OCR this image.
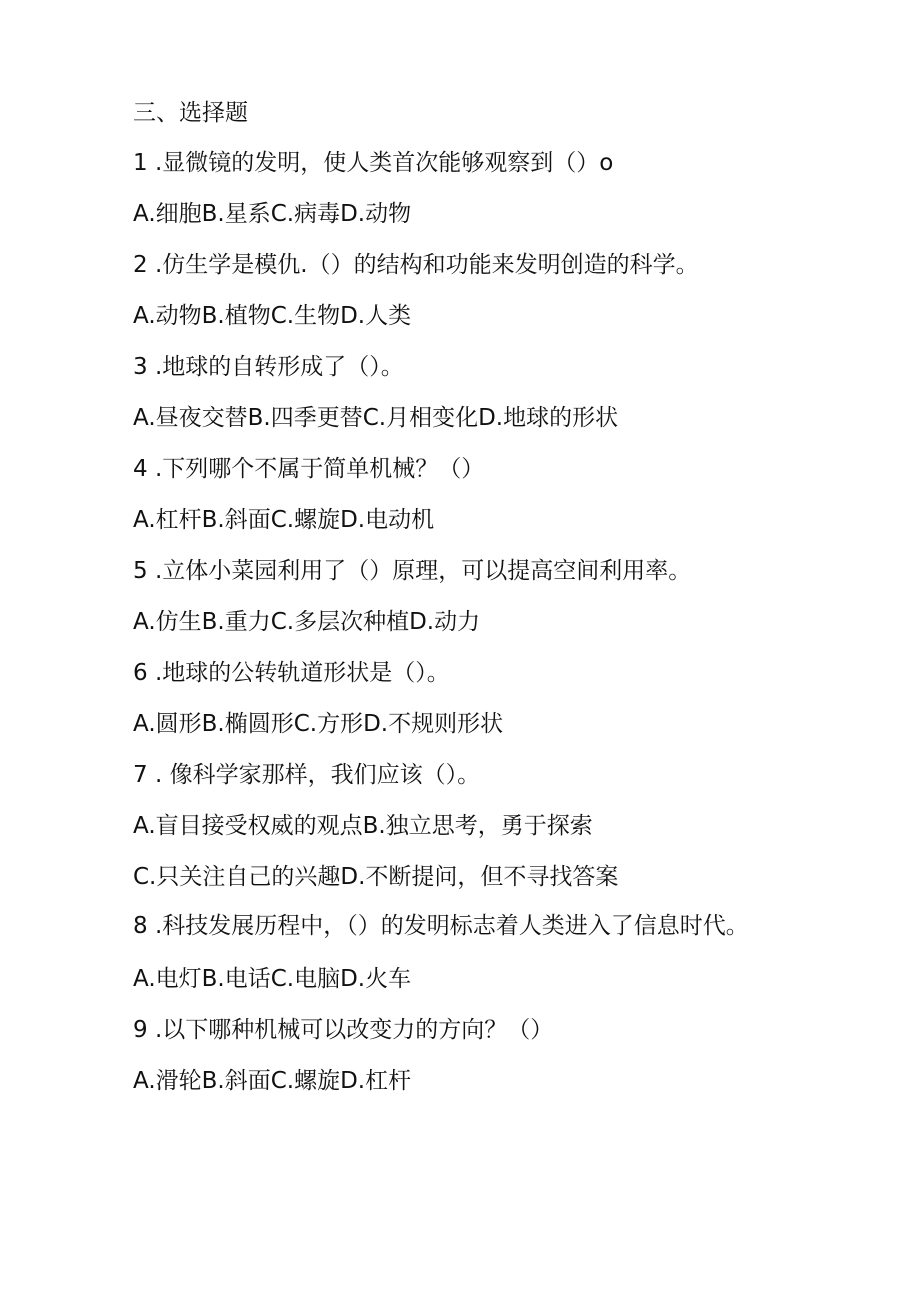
三、选择题

1 .显微镜的发明，使人类首次能够观察到（）o

A.细胞B.星系C.病毒D.动物

2 .仿生学是模仇.（）的结构和功能来发明创造的科学。

A.动物B.植物C.生物D.人类

3 .地球的自转形成了（）。

A.昼夜交替B.四季更替C.月相变化D.地球的形状

4 .下列哪个不属于简单机械？（）

A.杠杆B.斜面C.螺旋D.电动机

5 .立体小菜园利用了（）原理，可以提高空间利用率。

A.仿生B.重力C.多层次种植D.动力

6 .地球的公转轨道形状是（）。

A.圆形B.椭圆形C.方形D.不规则形状

7 . 像科学家那样，我们应该（）。

A.盲目接受权威的观点B.独立思考，勇于探索

C.只关注自己的兴趣D.不断提问，但不寻找答案

8 .科技发展历程中，（）的发明标志着人类进入了信息时代。

A.电灯B.电话C.电脑D.火车

9 .以下哪种机械可以改变力的方向？（）

A.滑轮B.斜面C.螺旋D.杠杆
